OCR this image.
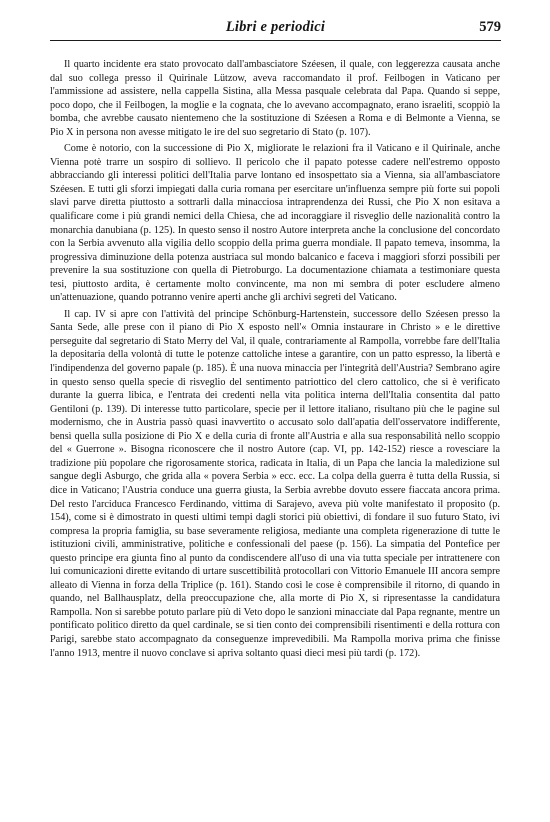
Libri e periodici	579

Il quarto incidente era stato provocato dall'ambasciatore Széesen, il quale, con leggerezza causata anche dal suo collega presso il Quirinale Lützow, aveva raccomandato il prof. Feilbogen in Vaticano per l'ammissione ad assistere, nella cappella Sistina, alla Messa pasquale celebrata dal Papa. Quando si seppe, poco dopo, che il Feilbogen, la moglie e la cognata, che lo avevano accompagnato, erano israeliti, scoppiò la bomba, che avrebbe causato nientemeno che la sostituzione di Széesen a Roma e di Belmonte a Vienna, se Pio X in persona non avesse mitigato le ire del suo segretario di Stato (p. 107).

Come è notorio, con la successione di Pio X, migliorate le relazioni fra il Vaticano e il Quirinale, anche Vienna potè trarre un sospiro di sollievo. Il pericolo che il papato potesse cadere nell'estremo opposto abbracciando gli interessi politici dell'Italia parve lontano ed insospettato sia a Vienna, sia all'ambasciatore Széesen. E tutti gli sforzi impiegati dalla curia romana per esercitare un'influenza sempre più forte sui popoli slavi parve diretta piuttosto a sottrarli dalla minacciosa intraprendenza dei Russi, che Pio X non esitava a qualificare come i più grandi nemici della Chiesa, che ad incoraggiare il risveglio delle nazionalità contro la monarchia danubiana (p. 125). In questo senso il nostro Autore interpreta anche la conclusione del concordato con la Serbia avvenuto alla vigilia dello scoppio della prima guerra mondiale. Il papato temeva, insomma, la progressiva diminuzione della potenza austriaca sul mondo balcanico e faceva i maggiori sforzi possibili per prevenire la sua sostituzione con quella di Pietroburgo. La documentazione chiamata a testimoniare questa tesi, piuttosto ardita, è certamente molto convincente, ma non mi sembra di poter escludere almeno un'attenuazione, quando potranno venire aperti anche gli archivi segreti del Vaticano.

Il cap. IV si apre con l'attività del principe Schönburg-Hartenstein, successore dello Széesen presso la Santa Sede, alle prese con il piano di Pio X esposto nell'« Omnia instaurare in Christo » e le direttive perseguite dal segretario di Stato Merry del Val, il quale, contrariamente al Rampolla, vorrebbe fare dell'Italia la depositaria della volontà di tutte le potenze cattoliche intese a garantire, con un patto espresso, la libertà e l'indipendenza del governo papale (p. 185). È una nuova minaccia per l'integrità dell'Austria? Sembrano agire in questo senso quella specie di risveglio del sentimento patriottico del clero cattolico, che si è verificato durante la guerra libica, e l'entrata dei credenti nella vita politica interna dell'Italia consentita dal patto Gentiloni (p. 139). Di interesse tutto particolare, specie per il lettore italiano, risultano più che le pagine sul modernismo, che in Austria passò quasi inavvertito o accusato solo dall'apatia dell'osservatore indifferente, bensì quella sulla posizione di Pio X e della curia di fronte all'Austria e alla sua responsabilità nello scoppio del « Guerrone ». Bisogna riconoscere che il nostro Autore (cap. VI, pp. 142-152) riesce a rovesciare la tradizione più popolare che rigorosamente storica, radicata in Italia, di un Papa che lancia la maledizione sul sangue degli Asburgo, che grida alla « povera Serbia » ecc. ecc. La colpa della guerra è tutta della Russia, si dice in Vaticano; l'Austria conduce una guerra giusta, la Serbia avrebbe dovuto essere fiaccata ancora prima. Del resto l'arciduca Francesco Ferdinando, vittima di Sarajevo, aveva più volte manifestato il proposito (p. 154), come si è dimostrato in questi ultimi tempi dagli storici più obiettivi, di fondare il suo futuro Stato, ivi compresa la propria famiglia, su base severamente religiosa, mediante una completa rigenerazione di tutte le istituzioni civili, amministrative, politiche e confessionali del paese (p. 156). La simpatia del Pontefice per questo principe era giunta fino al punto da condiscendere all'uso di una via tutta speciale per intrattenere con lui comunicazioni dirette evitando di urtare suscettibilità protocollari con Vittorio Emanuele III ancora sempre alleato di Vienna in forza della Triplice (p. 161). Stando così le cose è comprensibile il ritorno, di quando in quando, nel Ballhausplatz, della preoccupazione che, alla morte di Pio X, si ripresentasse la candidatura Rampolla. Non si sarebbe potuto parlare più di Veto dopo le sanzioni minacciate dal Papa regnante, mentre un pontificato politico diretto da quel cardinale, se si tien conto dei comprensibili risentimenti e della rottura con Parigi, sarebbe stato accompagnato da conseguenze imprevedibili. Ma Rampolla moriva prima che finisse l'anno 1913, mentre il nuovo conclave si apriva soltanto quasi dieci mesi più tardi (p. 172).
